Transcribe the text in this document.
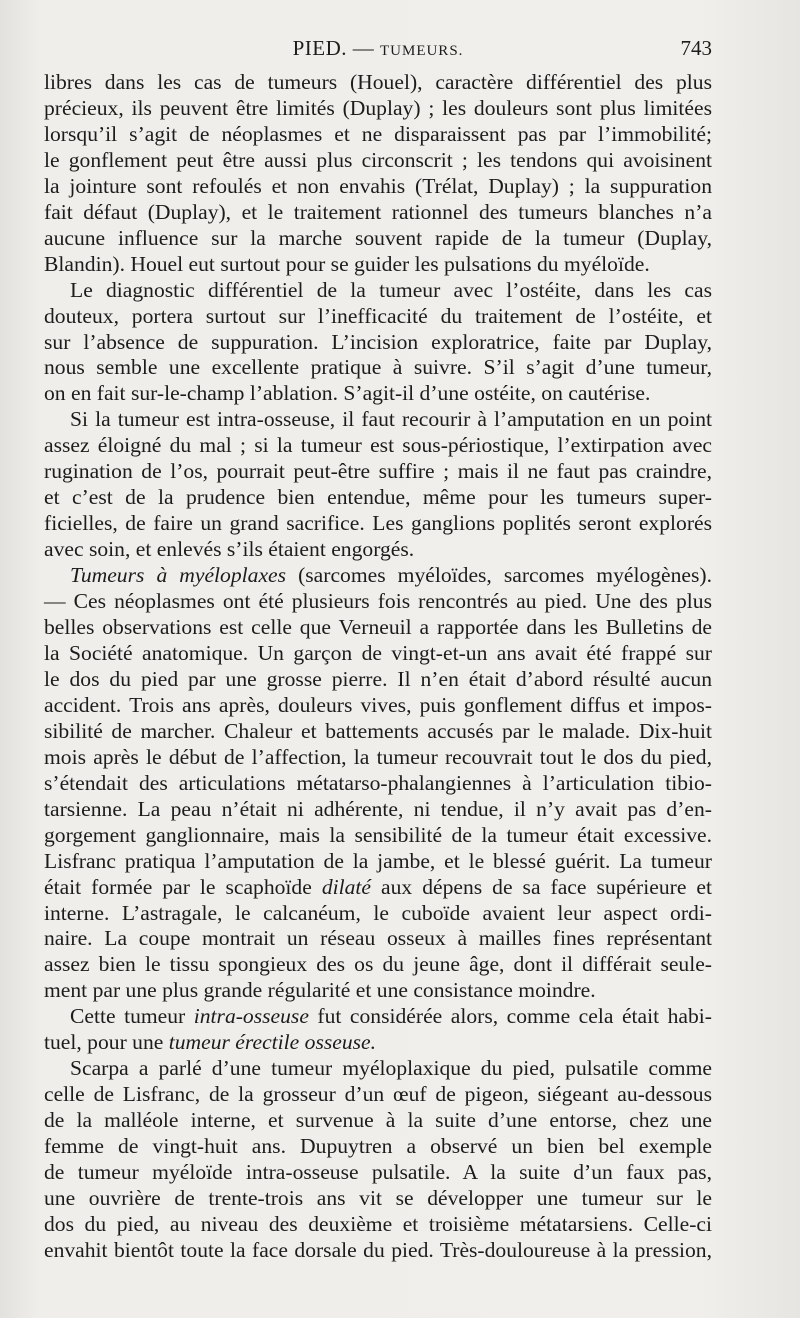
PIED. — TUMEURS.	743

libres dans les cas de tumeurs (Houel), caractère différentiel des plus

précieux, ils peuvent être limités (Duplay) ; les douleurs sont plus limitées

lorsqu’il s’agit de néoplasmes et ne disparaissent pas par l’immobilité;

le gonflement peut être aussi plus circonscrit ; les tendons qui avoisinent

la jointure sont refoulés et non envahis (Trélat, Duplay) ; la suppuration

fait défaut (Duplay), et le traitement rationnel des tumeurs blanches n’a

aucune influence sur la marche souvent rapide de la tumeur (Duplay,

Blandin). Houel eut surtout pour se guider les pulsations du myéloïde.

Le diagnostic différentiel de la tumeur avec l’ostéite, dans les cas

douteux, portera surtout sur l’inefficacité du traitement de l’ostéite, et

sur l’absence de suppuration. L’incision exploratrice, faite par Duplay,

nous semble une excellente pratique à suivre. S’il s’agit d’une tumeur,

on en fait sur-le-champ l’ablation. S’agit-il d’une ostéite, on cautérise.

Si la tumeur est intra-osseuse, il faut recourir à l’amputation en un point

assez éloigné du mal ; si la tumeur est sous-périostique, l’extirpation avec

rugination de l’os, pourrait peut-être suffire ; mais il ne faut pas craindre,

et c’est de la prudence bien entendue, même pour les tumeurs super-

ficielles, de faire un grand sacrifice. Les ganglions poplités seront explorés

avec soin, et enlevés s’ils étaient engorgés.

Tumeurs à myéloplaxes (sarcomes myéloïdes, sarcomes myélogènes).

— Ces néoplasmes ont été plusieurs fois rencontrés au pied. Une des plus

belles observations est celle que Verneuil a rapportée dans les Bulletins de

la Société anatomique. Un garçon de vingt-et-un ans avait été frappé sur

le dos du pied par une grosse pierre. Il n’en était d’abord résulté aucun

accident. Trois ans après, douleurs vives, puis gonflement diffus et impos-

sibilité de marcher. Chaleur et battements accusés par le malade. Dix-huit

mois après le début de l’affection, la tumeur recouvrait tout le dos du pied,

s’étendait des articulations métatarso-phalangiennes à l’articulation tibio-

tarsienne. La peau n’était ni adhérente, ni tendue, il n’y avait pas d’en-

gorgement ganglionnaire, mais la sensibilité de la tumeur était excessive.

Lisfranc pratiqua l’amputation de la jambe, et le blessé guérit. La tumeur

était formée par le scaphoïde dilaté aux dépens de sa face supérieure et

interne. L’astragale, le calcanéum, le cuboïde avaient leur aspect ordi-

naire. La coupe montrait un réseau osseux à mailles fines représentant

assez bien le tissu spongieux des os du jeune âge, dont il différait seule-

ment par une plus grande régularité et une consistance moindre.

Cette tumeur intra-osseuse fut considérée alors, comme cela était habi-

tuel, pour une tumeur érectile osseuse.

Scarpa a parlé d’une tumeur myéloplaxique du pied, pulsatile comme

celle de Lisfranc, de la grosseur d’un œuf de pigeon, siégeant au-dessous

de la malléole interne, et survenue à la suite d’une entorse, chez une

femme de vingt-huit ans. Dupuytren a observé un bien bel exemple

de tumeur myéloïde intra-osseuse pulsatile. A la suite d’un faux pas,

une ouvrière de trente-trois ans vit se développer une tumeur sur le

dos du pied, au niveau des deuxième et troisième métatarsiens. Celle-ci

envahit bientôt toute la face dorsale du pied. Très-douloureuse à la pression,
